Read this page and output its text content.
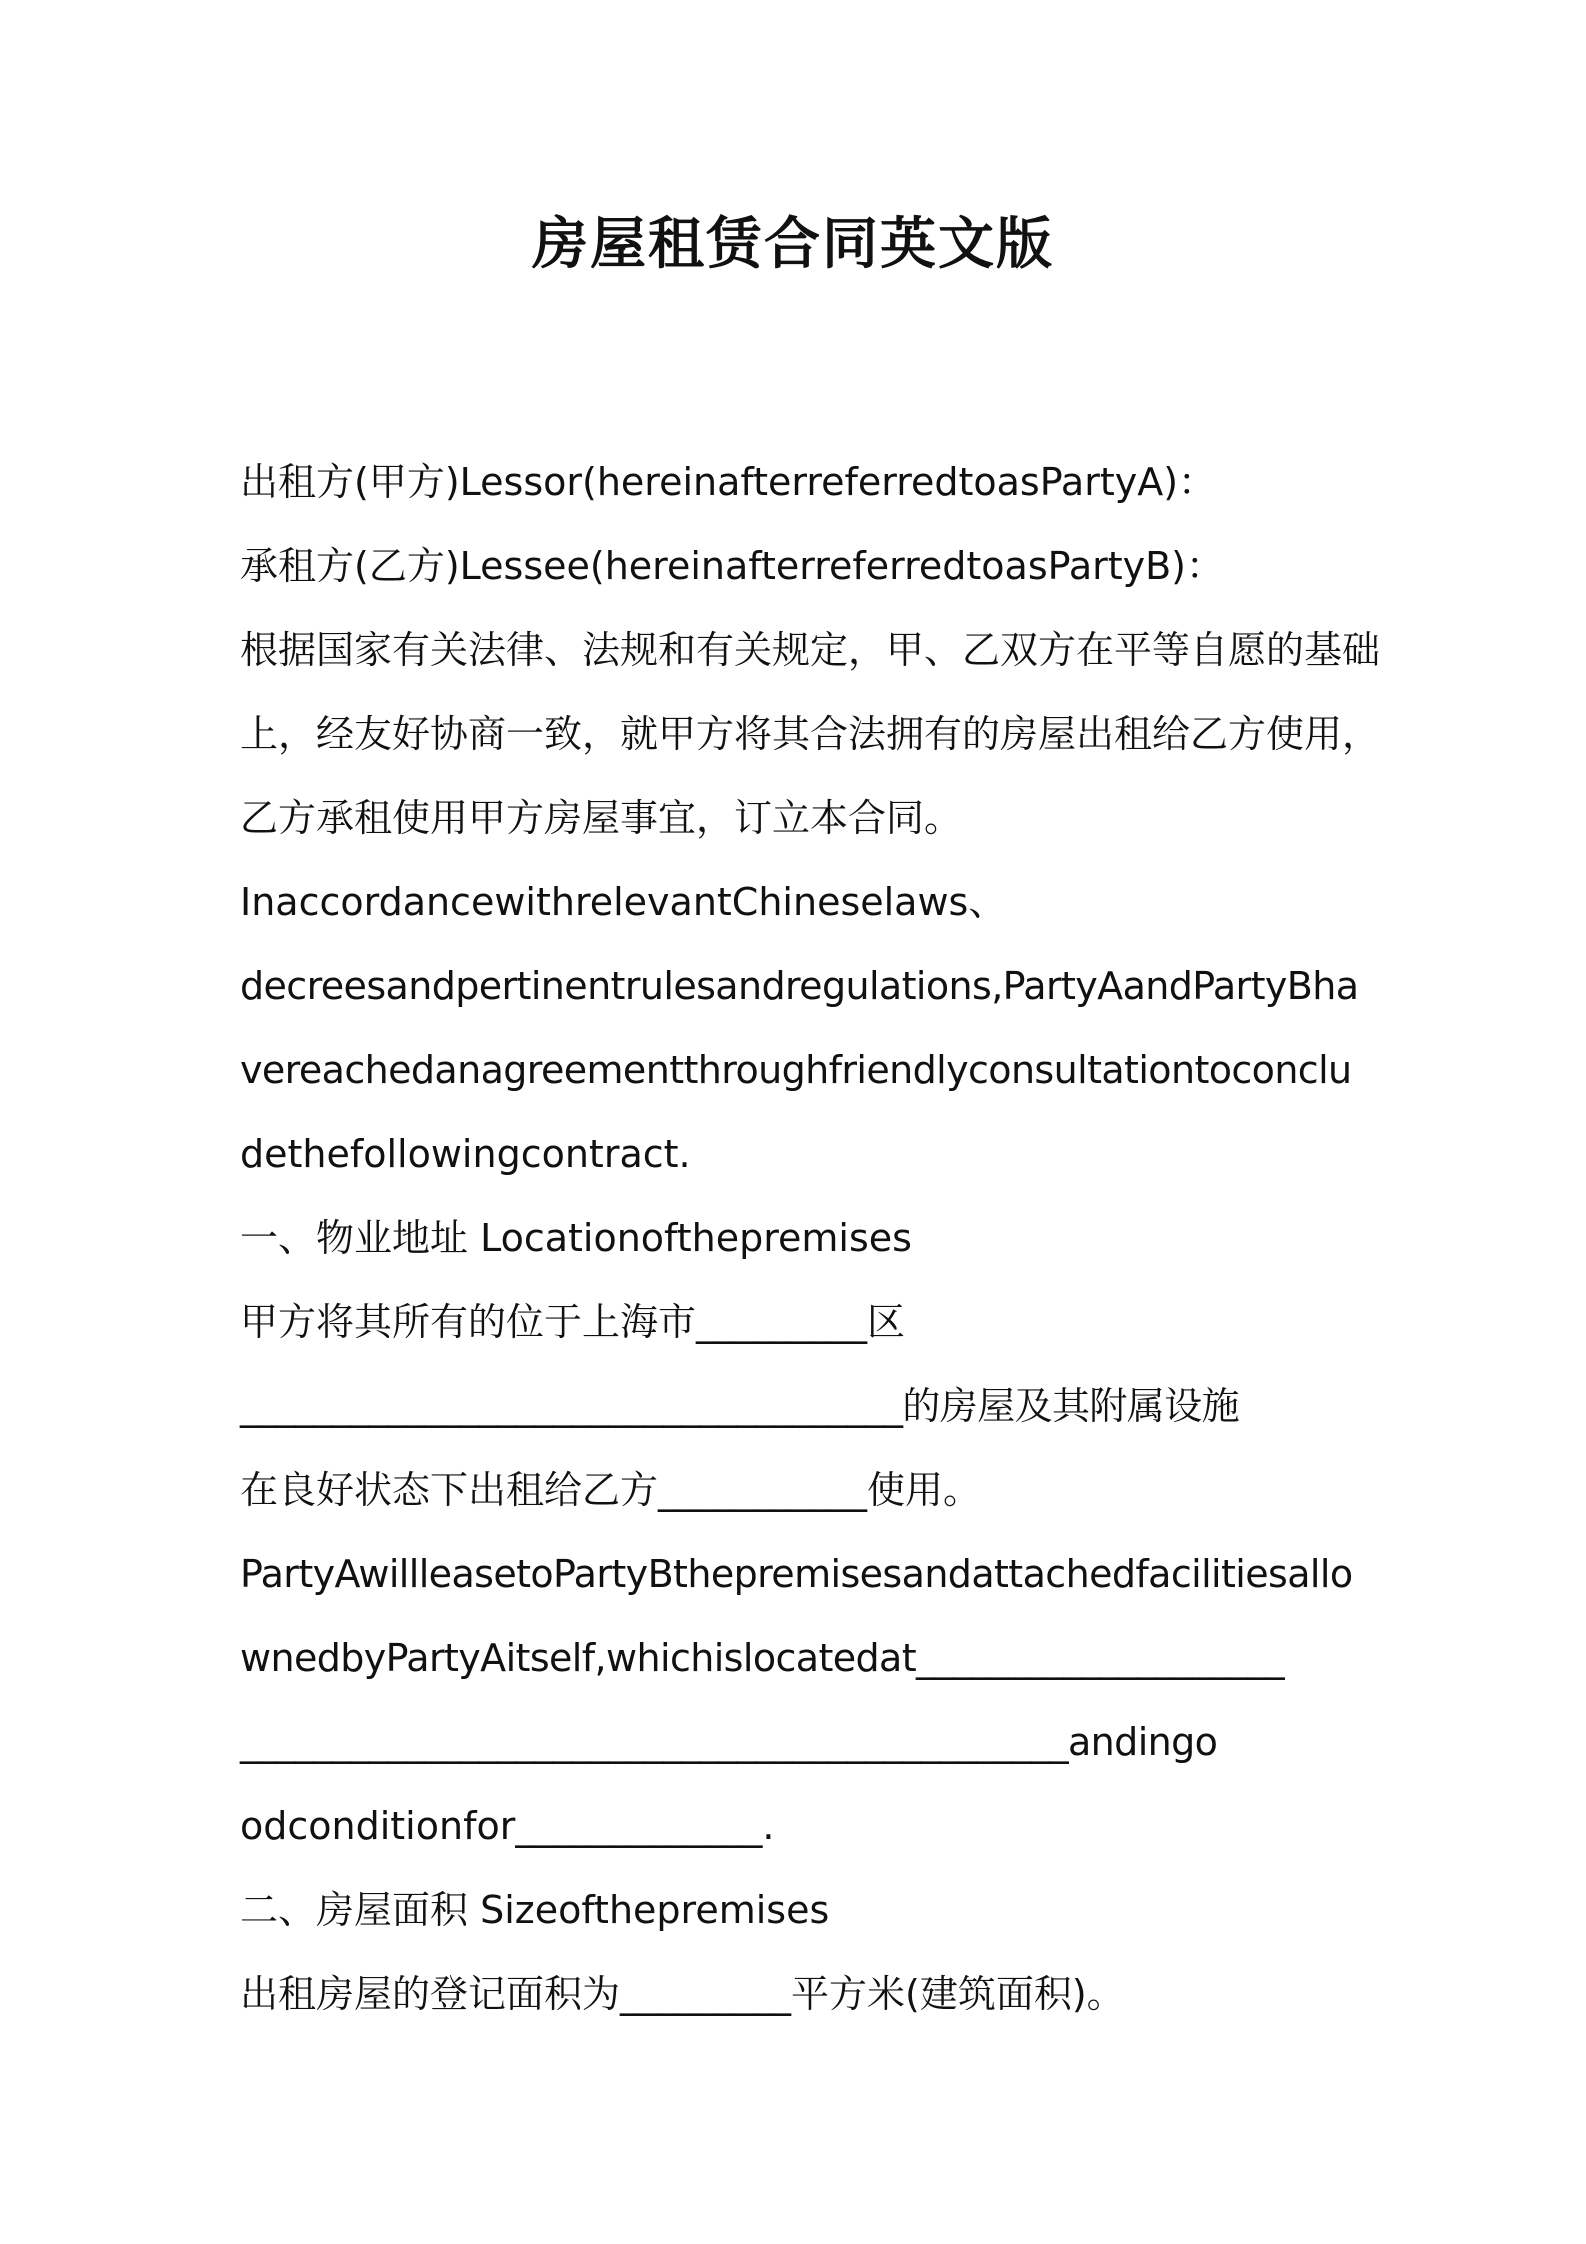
房屋租赁合同英文版
出租方(甲方)Lessor(hereinafterreferredtoasPartyA)：
承租方(乙方)Lessee(hereinafterreferredtoasPartyB)：
根据国家有关法律、法规和有关规定，甲、乙双方在平等自愿的基础
上，经友好协商一致，就甲方将其合法拥有的房屋出租给乙方使用，
乙方承租使用甲方房屋事宜，订立本合同。
InaccordancewithrelevantChineselaws、
decreesandpertinentrulesandregulations,PartyAandPartyBha
vereachedanagreementthroughfriendlyconsultationtoconclu
dethefollowingcontract.
一、物业地址 Locationofthepremises
甲方将其所有的位于上海市_________区
____________________________________的房屋及其附属设施
在良好状态下出租给乙方___________使用。
PartyAwillleasetoPartyBthepremisesandattachedfacilitiesallo
wnedbyPartyAitself,whichislocatedat____________________
_____________________________________________andingo
odconditionfor_____________.
二、房屋面积 Sizeofthepremises
出租房屋的登记面积为_________平方米(建筑面积)。
